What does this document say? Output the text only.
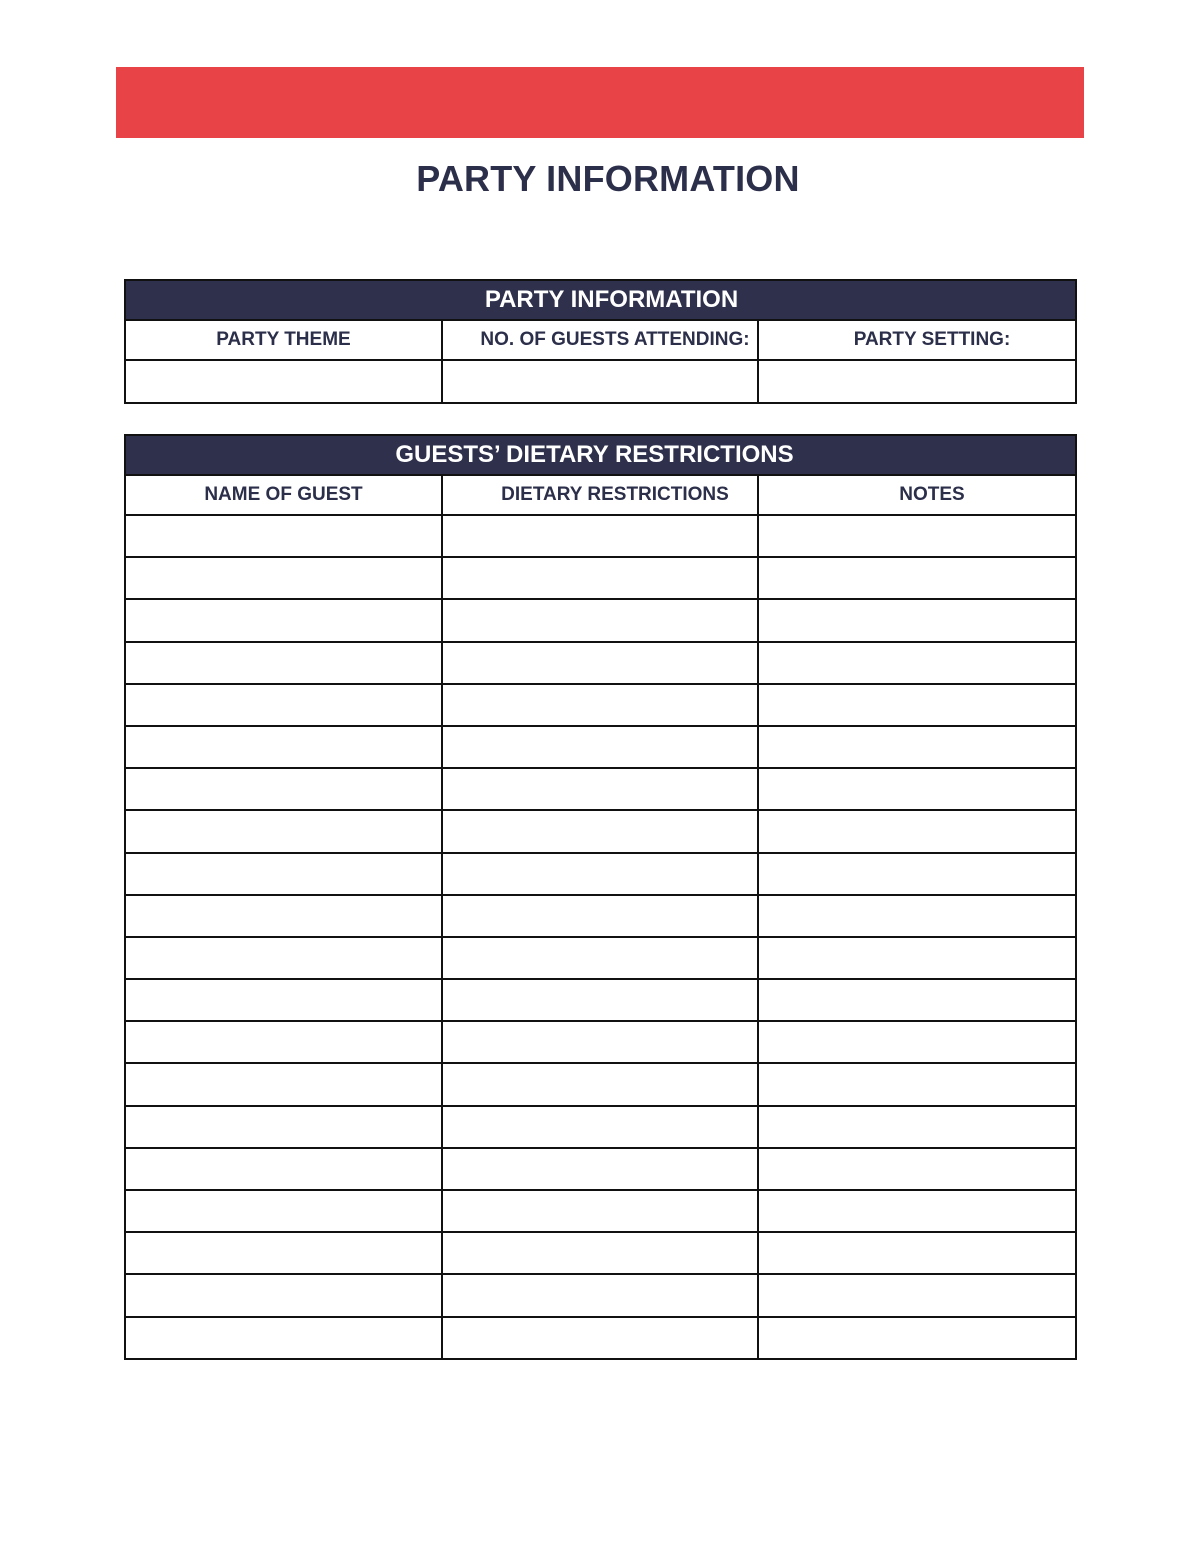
PARTY INFORMATION
PARTY INFORMATION		
PARTY THEME	NO. OF GUESTS ATTENDING:	PARTY SETTING:

GUESTS’ DIETARY RESTRICTIONS		
NAME OF GUEST	DIETARY RESTRICTIONS	NOTES
